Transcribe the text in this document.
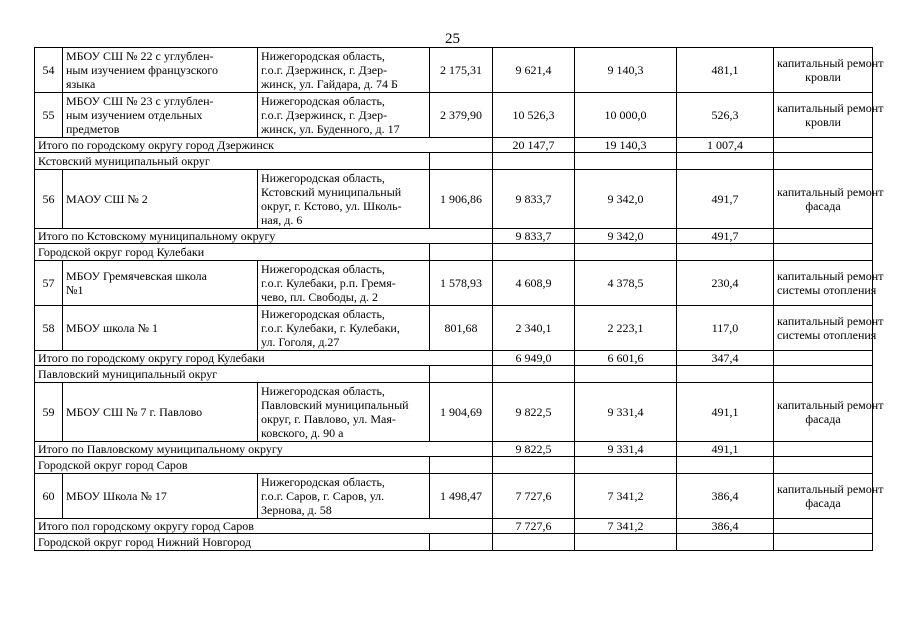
25
54	МБОУ СШ № 22 с углублен-
ным изучением французского
языка	Нижегородская область,
г.о.г. Дзержинск, г. Дзер-
жинск, ул. Гайдара, д. 74 Б	2 175,31	9 621,4	9 140,3	481,1	капитальный ремонт
кровли

55	МБОУ СШ № 23 с углублен-
ным изучением отдельных
предметов	Нижегородская область,
г.о.г. Дзержинск, г. Дзер-
жинск, ул. Буденного, д. 17	2 379,90	10 526,3	10 000,0	526,3	капитальный ремонт
кровли

Итого по городскому округу город Дзержинск				20 147,7	19 140,3	1 007,4	
Кстовский муниципальный округ							
56	МАОУ СШ № 2	Нижегородская область,
Кстовский муниципальный
округ, г. Кстово, ул. Школь-
ная, д. 6	1 906,86	9 833,7	9 342,0	491,7	капитальный ремонт
фасада

Итого по Кстовскому муниципальному округу				9 833,7	9 342,0	491,7	
Городской округ город Кулебаки							
57	МБОУ Гремячевская школа
№1	Нижегородская область,
г.о.г. Кулебаки, р.п. Гремя-
чево, пл. Свободы, д. 2	1 578,93	4 608,9	4 378,5	230,4	капитальный ремонт
системы отопления

58	МБОУ школа № 1	Нижегородская область,
г.о.г. Кулебаки, г. Кулебаки,
ул. Гоголя, д.27	801,68	2 340,1	2 223,1	117,0	капитальный ремонт
системы отопления

Итого по городскому округу город Кулебаки				6 949,0	6 601,6	347,4	
Павловский муниципальный округ							
59	МБОУ СШ № 7 г. Павлово	Нижегородская область,
Павловский муниципальный
округ, г. Павлово, ул. Мая-
ковского, д. 90 а	1 904,69	9 822,5	9 331,4	491,1	капитальный ремонт
фасада

Итого по Павловскому муниципальному округу				9 822,5	9 331,4	491,1	
Городской округ город Саров							
60	МБОУ Школа № 17	Нижегородская область,
г.о.г. Саров, г. Саров, ул.
Зернова, д. 58	1 498,47	7 727,6	7 341,2	386,4	капитальный ремонт
фасада

Итого пол городскому округу город Саров				7 727,6	7 341,2	386,4	
Городской округ город Нижний Новгород							
